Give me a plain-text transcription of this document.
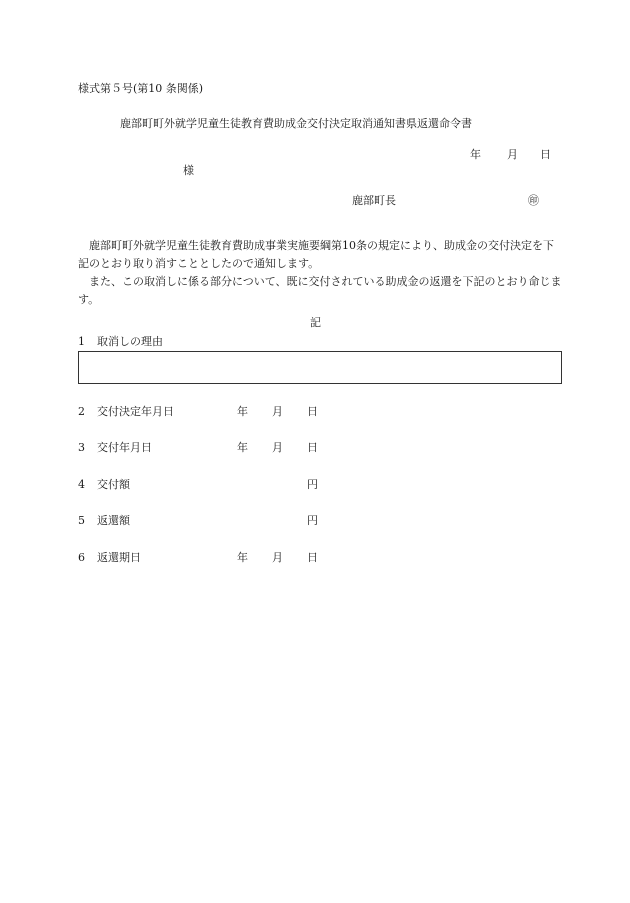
様式第５号(第10 条関係)
鹿部町町外就学児童生徒教育費助成金交付決定取消通知書県返還命令書
年 月 日
様
鹿部町長	㊞
鹿部町町外就学児童生徒教育費助成事業実施要綱第10条の規定により、助成金の交付決定を下記のとおり取り消すこととしたので通知します。
また、この取消しに係る部分について、既に交付されている助成金の返還を下記のとおり命じます。
記
1 取消しの理由
2 交付決定年月日	年 月 日
3 交付年月日	年 月 日
4 交付額	円
5 返還額	円
6 返還期日	年 月 日
